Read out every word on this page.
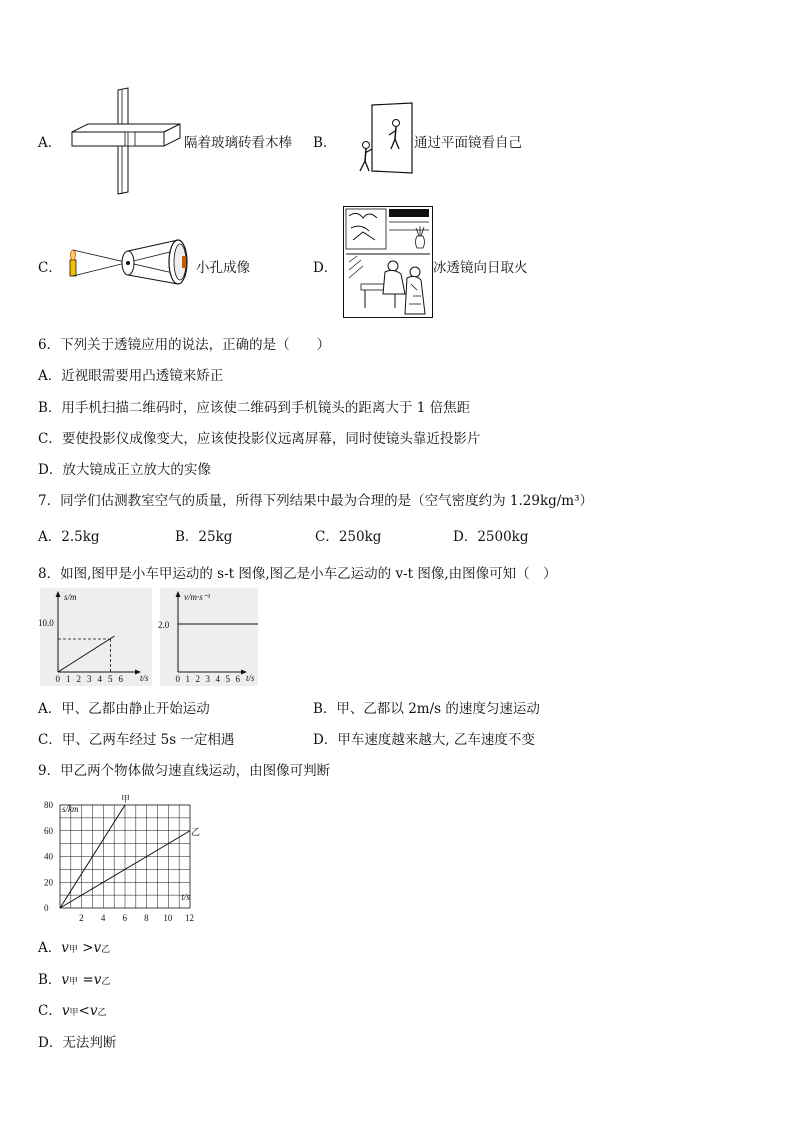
A．	隔着玻璃砖看木棒 B．	通过平面镜看自己
C．	小孔成像	D．	冰透镜向日取火
6．下列关于透镜应用的说法，正确的是（　　）
A．近视眼需要用凸透镜来矫正
B．用手机扫描二维码时，应该使二维码到手机镜头的距离大于 1 倍焦距
C．要使投影仪成像变大，应该使投影仪远离屏幕，同时使镜头靠近投影片
D．放大镜成正立放大的实像
7．同学们估测教室空气的质量，所得下列结果中最为合理的是（空气密度约为 1.29kg/m³）
A．2.5kg	B．25kg	C．250kg	D．2500kg
8．如图,图甲是小车甲运动的 s-t 图像,图乙是小车乙运动的 v-t 图像,由图像可知（　）
0 1 2 3 4 5 6
s/m
t/s
10.0
0 1 2 3 4 5 6
v/m·s⁻¹
t/s
2.0
A．甲、乙都由静止开始运动	B．甲、乙都以 2m/s 的速度匀速运动
C．甲、乙两车经过 5s 一定相遇	D．甲车速度越来越大, 乙车速度不变
9．甲乙两个物体做匀速直线运动，由图像可判断
s/km
t/s
0
20
40
60
80
2 4 6 8 10 12
甲
乙
A．v甲 >v乙
B．v甲 =v乙
C．v甲<v乙
D．无法判断
